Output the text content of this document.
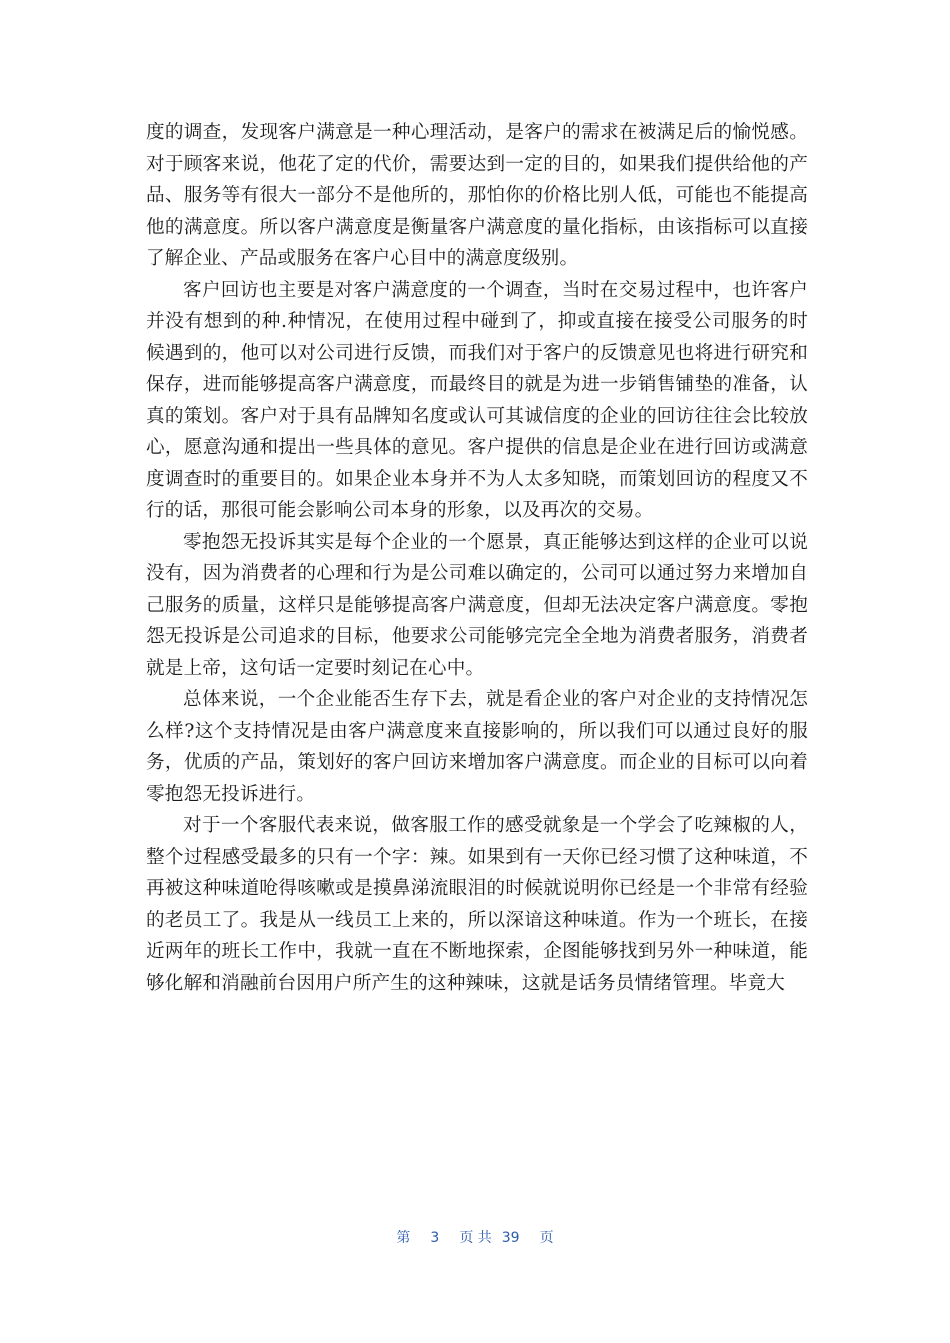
度的调查，发现客户满意是一种心理活动，是客户的需求在被满足后的愉悦感。对于顾客来说，他花了定的代价，需要达到一定的目的，如果我们提供给他的产品、服务等有很大一部分不是他所的，那怕你的价格比别人低，可能也不能提高他的满意度。所以客户满意度是衡量客户满意度的量化指标，由该指标可以直接了解企业、产品或服务在客户心目中的满意度级别。

客户回访也主要是对客户满意度的一个调查，当时在交易过程中，也许客户并没有想到的种.种情况，在使用过程中碰到了，抑或直接在接受公司服务的时候遇到的，他可以对公司进行反馈，而我们对于客户的反馈意见也将进行研究和保存，进而能够提高客户满意度，而最终目的就是为进一步销售铺垫的准备，认真的策划。客户对于具有品牌知名度或认可其诚信度的企业的回访往往会比较放心，愿意沟通和提出一些具体的意见。客户提供的信息是企业在进行回访或满意度调查时的重要目的。如果企业本身并不为人太多知晓，而策划回访的程度又不行的话，那很可能会影响公司本身的形象，以及再次的交易。

零抱怨无投诉其实是每个企业的一个愿景，真正能够达到这样的企业可以说没有，因为消费者的心理和行为是公司难以确定的，公司可以通过努力来增加自己服务的质量，这样只是能够提高客户满意度，但却无法决定客户满意度。零抱怨无投诉是公司追求的目标，他要求公司能够完完全全地为消费者服务，消费者就是上帝，这句话一定要时刻记在心中。

总体来说，一个企业能否生存下去，就是看企业的客户对企业的支持情况怎么样?这个支持情况是由客户满意度来直接影响的，所以我们可以通过良好的服务，优质的产品，策划好的客户回访来增加客户满意度。而企业的目标可以向着零抱怨无投诉进行。

对于一个客服代表来说，做客服工作的感受就象是一个学会了吃辣椒的人，整个过程感受最多的只有一个字：辣。如果到有一天你已经习惯了这种味道，不再被这种味道呛得咳嗽或是摸鼻涕流眼泪的时候就说明你已经是一个非常有经验的老员工了。我是从一线员工上来的，所以深谙这种味道。作为一个班长，在接近两年的班长工作中，我就一直在不断地探索，企图能够找到另外一种味道，能够化解和消融前台因用户所产生的这种辣味，这就是话务员情绪管理。毕竟大

第 3 页 共 39 页
